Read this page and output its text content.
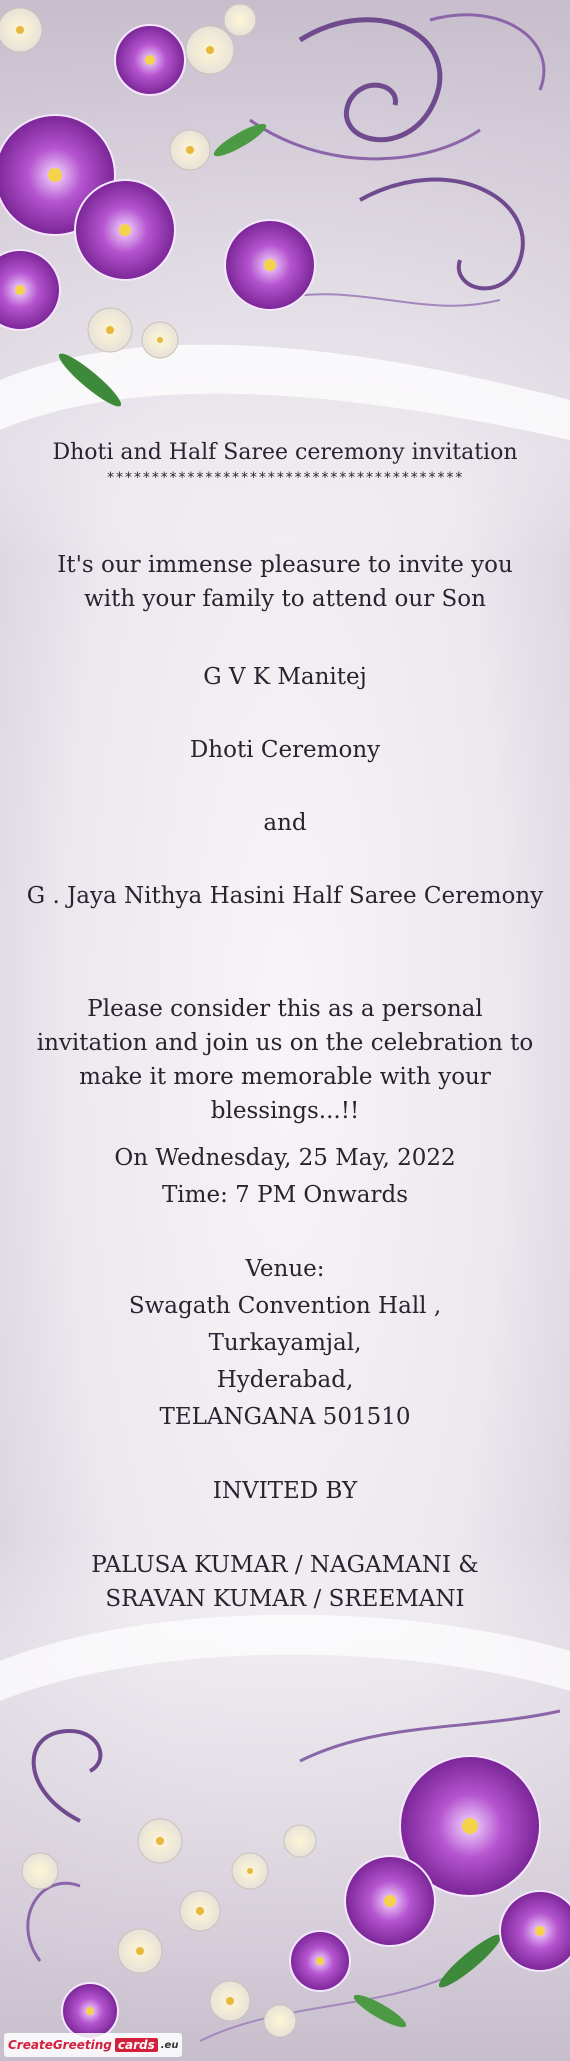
Dhoti and Half Saree ceremony invitation
****************************************
It's our immense pleasure to invite you with your family to attend our Son
G V K Manitej
Dhoti Ceremony
and
G . Jaya Nithya Hasini Half Saree Ceremony
Please consider this as a personal invitation and join us on the celebration to make it more memorable with your blessings...!!
On Wednesday, 25 May, 2022
Time: 7 PM Onwards
Venue:
Swagath Convention Hall ,
Turkayamjal,
Hyderabad,
TELANGANA 501510
INVITED BY
PALUSA KUMAR / NAGAMANI & SRAVAN KUMAR / SREEMANI
CreateGreeting cards .eu
